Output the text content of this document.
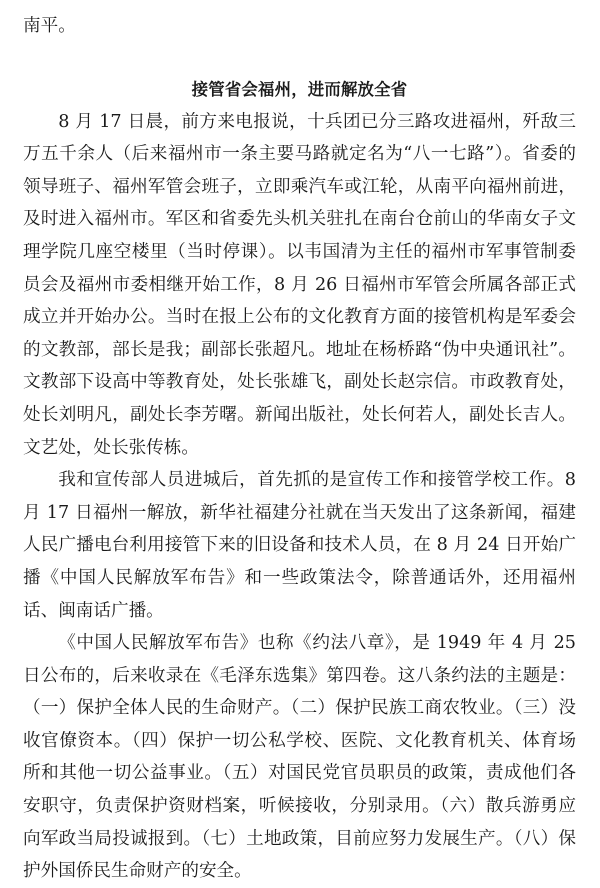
南平。

接管省会福州，进而解放全省

8 月 17 日晨，前方来电报说，十兵团已分三路攻进福州，歼敌三万五千余人（后来福州市一条主要马路就定名为“八一七路”）。省委的领导班子、福州军管会班子，立即乘汽车或江轮，从南平向福州前进，及时进入福州市。军区和省委先头机关驻扎在南台仓前山的华南女子文理学院几座空楼里（当时停课）。以韦国清为主任的福州市军事管制委员会及福州市委相继开始工作，8 月 26 日福州市军管会所属各部正式成立并开始办公。当时在报上公布的文化教育方面的接管机构是军委会的文教部，部长是我；副部长张超凡。地址在杨桥路“伪中央通讯社”。文教部下设高中等教育处，处长张雄飞，副处长赵宗信。市政教育处，处长刘明凡，副处长李芳曙。新闻出版社，处长何若人，副处长吉人。文艺处，处长张传栋。

我和宣传部人员进城后，首先抓的是宣传工作和接管学校工作。8 月 17 日福州一解放，新华社福建分社就在当天发出了这条新闻，福建人民广播电台利用接管下来的旧设备和技术人员，在 8 月 24 日开始广播《中国人民解放军布告》和一些政策法令，除普通话外，还用福州话、闽南话广播。

《中国人民解放军布告》也称《约法八章》，是 1949 年 4 月 25 日公布的，后来收录在《毛泽东选集》第四卷。这八条约法的主题是：（一）保护全体人民的生命财产。（二）保护民族工商农牧业。（三）没收官僚资本。（四）保护一切公私学校、医院、文化教育机关、体育场所和其他一切公益事业。（五）对国民党官员职员的政策，责成他们各安职守，负责保护资财档案，听候接收，分别录用。（六）散兵游勇应向军政当局投诚报到。（七）土地政策，目前应努力发展生产。（八）保护外国侨民生命财产的安全。
